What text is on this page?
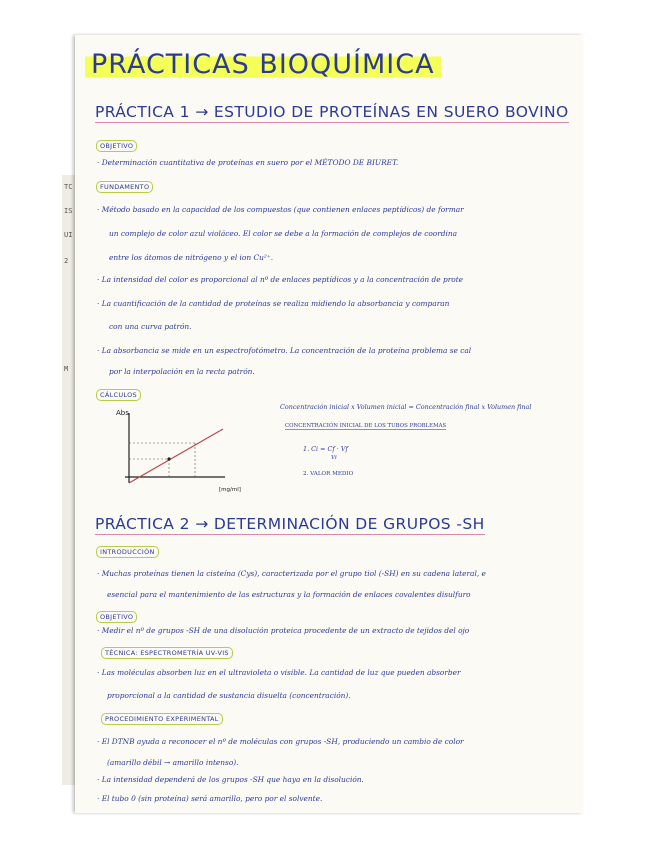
TC
IS
UI
2
M
PRÁCTICAS BIOQUÍMICA
PRÁCTICA 1 → ESTUDIO DE PROTEÍNAS EN SUERO BOVINO
OBJETIVO
· Determinación cuantitativa de proteínas en suero por el MÉTODO DE BIURET.
FUNDAMENTO
· Método basado en la capacidad de los compuestos (que contienen enlaces peptídicos) de formar
un complejo de color azul violáceo. El color se debe a la formación de complejos de coordina
entre los átomos de nitrógeno y el ion Cu²⁺.
· La intensidad del color es proporcional al nº de enlaces peptídicos y a la concentración de prote
· La cuantificación de la cantidad de proteínas se realiza midiendo la absorbancia y comparan
con una curva patrón.
· La absorbancia se mide en un espectrofotómetro. La concentración de la proteína problema se cal
por la interpolación en la recta patrón.
CÁLCULOS
Abs
[mg/ml]
Concentración inicial x Volumen inicial = Concentración final x Volumen final
CONCENTRACIÓN INICIAL DE LOS TUBOS PROBLEMAS
1. Ci = Cf · Vf
Vi
2. VALOR MEDIO
PRÁCTICA 2 → DETERMINACIÓN DE GRUPOS -SH
INTRODUCCIÓN
· Muchas proteínas tienen la cisteína (Cys), caracterizada por el grupo tiol (-SH) en su cadena lateral, e
esencial para el mantenimiento de las estructuras y la formación de enlaces covalentes disulfuro
OBJETIVO
· Medir el nº de grupos -SH de una disolución proteica procedente de un extracto de tejidos del ojo
TÉCNICA: ESPECTROMETRÍA UV-VIS
· Las moléculas absorben luz en el ultravioleta o visible. La cantidad de luz que pueden absorber
proporcional a la cantidad de sustancia disuelta (concentración).
PROCEDIMIENTO EXPERIMENTAL
· El DTNB ayuda a reconocer el nº de moléculas con grupos -SH, produciendo un cambio de color
(amarillo débil → amarillo intenso).
· La intensidad dependerá de los grupos -SH que haya en la disolución.
· El tubo 0 (sin proteína) será amarillo, pero por el solvente.
